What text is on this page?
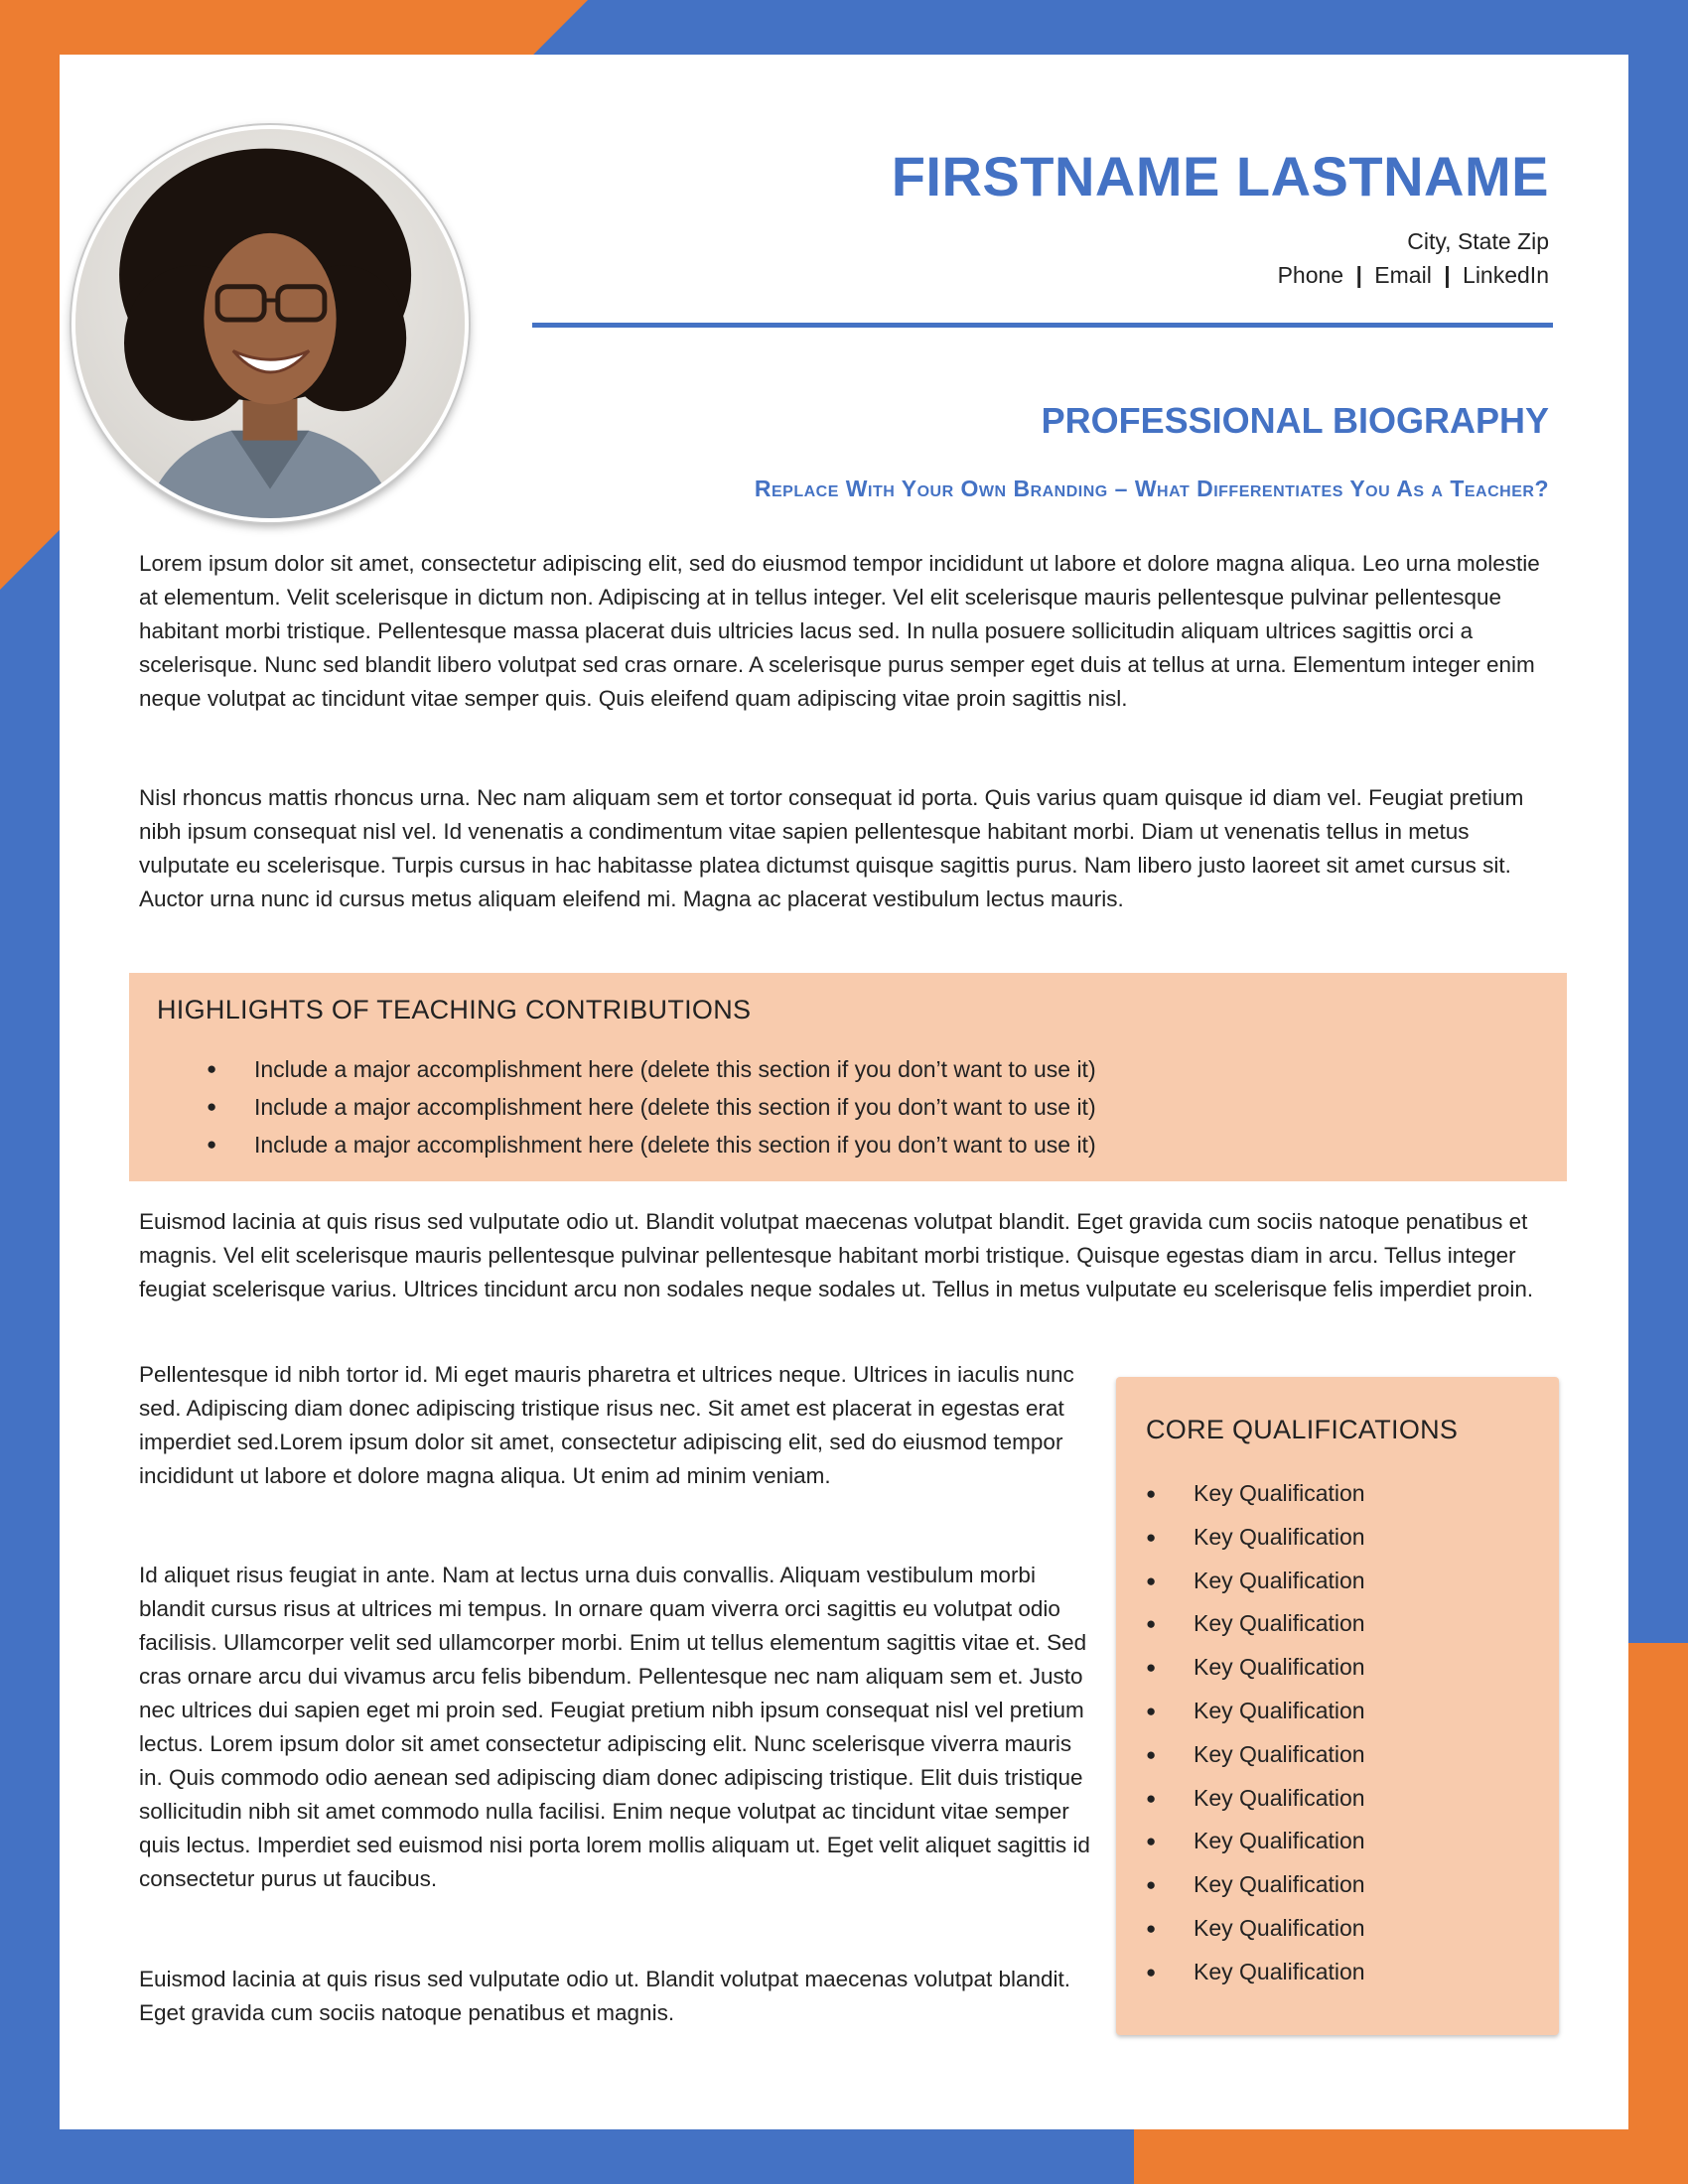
FIRSTNAME LASTNAME
City, State Zip
Phone | Email | LinkedIn
PROFESSIONAL BIOGRAPHY
Replace With Your Own Branding – What Differentiates You As a Teacher?

Lorem ipsum dolor sit amet, consectetur adipiscing elit, sed do eiusmod tempor incididunt ut labore et dolore magna aliqua. Leo urna molestie at elementum. Velit scelerisque in dictum non. Adipiscing at in tellus integer. Vel elit scelerisque mauris pellentesque pulvinar pellentesque habitant morbi tristique. Pellentesque massa placerat duis ultricies lacus sed. In nulla posuere sollicitudin aliquam ultrices sagittis orci a scelerisque. Nunc sed blandit libero volutpat sed cras ornare. A scelerisque purus semper eget duis at tellus at urna. Elementum integer enim neque volutpat ac tincidunt vitae semper quis. Quis eleifend quam adipiscing vitae proin sagittis nisl.

Nisl rhoncus mattis rhoncus urna. Nec nam aliquam sem et tortor consequat id porta. Quis varius quam quisque id diam vel. Feugiat pretium nibh ipsum consequat nisl vel. Id venenatis a condimentum vitae sapien pellentesque habitant morbi. Diam ut venenatis tellus in metus vulputate eu scelerisque. Turpis cursus in hac habitasse platea dictumst quisque sagittis purus. Nam libero justo laoreet sit amet cursus sit. Auctor urna nunc id cursus metus aliquam eleifend mi. Magna ac placerat vestibulum lectus mauris.

HIGHLIGHTS OF TEACHING CONTRIBUTIONS
● Include a major accomplishment here (delete this section if you don’t want to use it)
● Include a major accomplishment here (delete this section if you don’t want to use it)
● Include a major accomplishment here (delete this section if you don’t want to use it)

Euismod lacinia at quis risus sed vulputate odio ut. Blandit volutpat maecenas volutpat blandit. Eget gravida cum sociis natoque penatibus et magnis. Vel elit scelerisque mauris pellentesque pulvinar pellentesque habitant morbi tristique. Quisque egestas diam in arcu. Tellus integer feugiat scelerisque varius. Ultrices tincidunt arcu non sodales neque sodales ut. Tellus in metus vulputate eu scelerisque felis imperdiet proin.

Pellentesque id nibh tortor id. Mi eget mauris pharetra et ultrices neque. Ultrices in iaculis nunc sed. Adipiscing diam donec adipiscing tristique risus nec. Sit amet est placerat in egestas erat imperdiet sed.Lorem ipsum dolor sit amet, consectetur adipiscing elit, sed do eiusmod tempor incididunt ut labore et dolore magna aliqua. Ut enim ad minim veniam.

Id aliquet risus feugiat in ante. Nam at lectus urna duis convallis. Aliquam vestibulum morbi blandit cursus risus at ultrices mi tempus. In ornare quam viverra orci sagittis eu volutpat odio facilisis. Ullamcorper velit sed ullamcorper morbi. Enim ut tellus elementum sagittis vitae et. Sed cras ornare arcu dui vivamus arcu felis bibendum. Pellentesque nec nam aliquam sem et. Justo nec ultrices dui sapien eget mi proin sed. Feugiat pretium nibh ipsum consequat nisl vel pretium lectus. Lorem ipsum dolor sit amet consectetur adipiscing elit. Nunc scelerisque viverra mauris in. Quis commodo odio aenean sed adipiscing diam donec adipiscing tristique. Elit duis tristique sollicitudin nibh sit amet commodo nulla facilisi. Enim neque volutpat ac tincidunt vitae semper quis lectus. Imperdiet sed euismod nisi porta lorem mollis aliquam ut. Eget velit aliquet sagittis id consectetur purus ut faucibus.

Euismod lacinia at quis risus sed vulputate odio ut. Blandit volutpat maecenas volutpat blandit. Eget gravida cum sociis natoque penatibus et magnis.

CORE QUALIFICATIONS
● Key Qualification
● Key Qualification
● Key Qualification
● Key Qualification
● Key Qualification
● Key Qualification
● Key Qualification
● Key Qualification
● Key Qualification
● Key Qualification
● Key Qualification
● Key Qualification
